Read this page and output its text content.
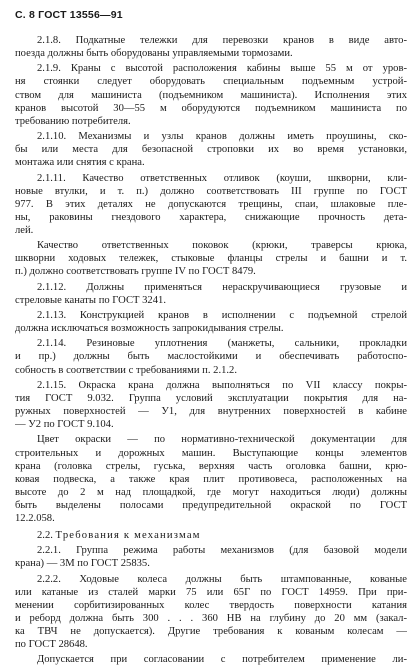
С. 8 ГОСТ 13556—91
2.1.8. Подкатные тележки для перевозки кранов в виде авто-
поезда должны быть оборудованы управляемыми тормозами.
2.1.9. Краны с высотой расположения кабины выше 55 м от уров-
ня стоянки следует оборудовать специальным подъемным устрой-
ством для машиниста (подъемником машиниста). Исполнения этих
кранов высотой 30—55 м оборудуются подъемником машиниста по
требованию потребителя.
2.1.10. Механизмы и узлы кранов должны иметь проушины, ско-
бы или места для безопасной строповки их во время установки,
монтажа или снятия с крана.
2.1.11. Качество ответственных отливок (коуши, шкворни, кли-
новые втулки, и т. п.) должно соответствовать III группе по ГОСТ
977. В этих деталях не допускаются трещины, спаи, шлаковые пле-
ны, раковины гнездового характера, снижающие прочность дета-
лей.
Качество ответственных поковок (крюки, траверсы крюка,
шкворни ходовых тележек, стыковые фланцы стрелы и башни и т.
п.) должно соответствовать группе IV по ГОСТ 8479.
2.1.12. Должны применяться нераскручивающиеся грузовые и
стреловые канаты по ГОСТ 3241.
2.1.13. Конструкцией кранов в исполнении с подъемной стрелой
должна исключаться возможность запрокидывания стрелы.
2.1.14. Резиновые уплотнения (манжеты, сальники, прокладки
и пр.) должны быть маслостойкими и обеспечивать работоспо-
собность в соответствии с требованиями п. 2.1.2.
2.1.15. Окраска крана должна выполняться по VII классу покры-
тия ГОСТ 9.032. Группа условий эксплуатации покрытия для на-
ружных поверхностей — У1, для внутренних поверхностей в кабине
— У2 по ГОСТ 9.104.
Цвет окраски — по нормативно-технической документации для
строительных и дорожных машин. Выступающие концы элементов
крана (головка стрелы, гуська, верхняя часть оголовка башни, крю-
ковая подвеска, а также края плит противовеса, расположенных на
высоте до 2 м над площадкой, где могут находиться люди) должны
быть выделены полосами предупредительной окраской по ГОСТ
12.2.058.
2.2. Требования к механизмам
2.2.1. Группа режима работы механизмов (для базовой модели
крана) — 3М по ГОСТ 25835.
2.2.2. Ходовые колеса должны быть штампованные, кованые
или катаные из сталей марки 75 или 65Г по ГОСТ 14959. При при-
менении сорбитизированных колес твердость поверхности катания
и реборд должна быть 300 . . . 360 HB на глубину до 20 мм (закал-
ка ТВЧ не допускается). Другие требования к кованым колесам —
по ГОСТ 28648.
Допускается при согласовании с потребителем применение ли-
